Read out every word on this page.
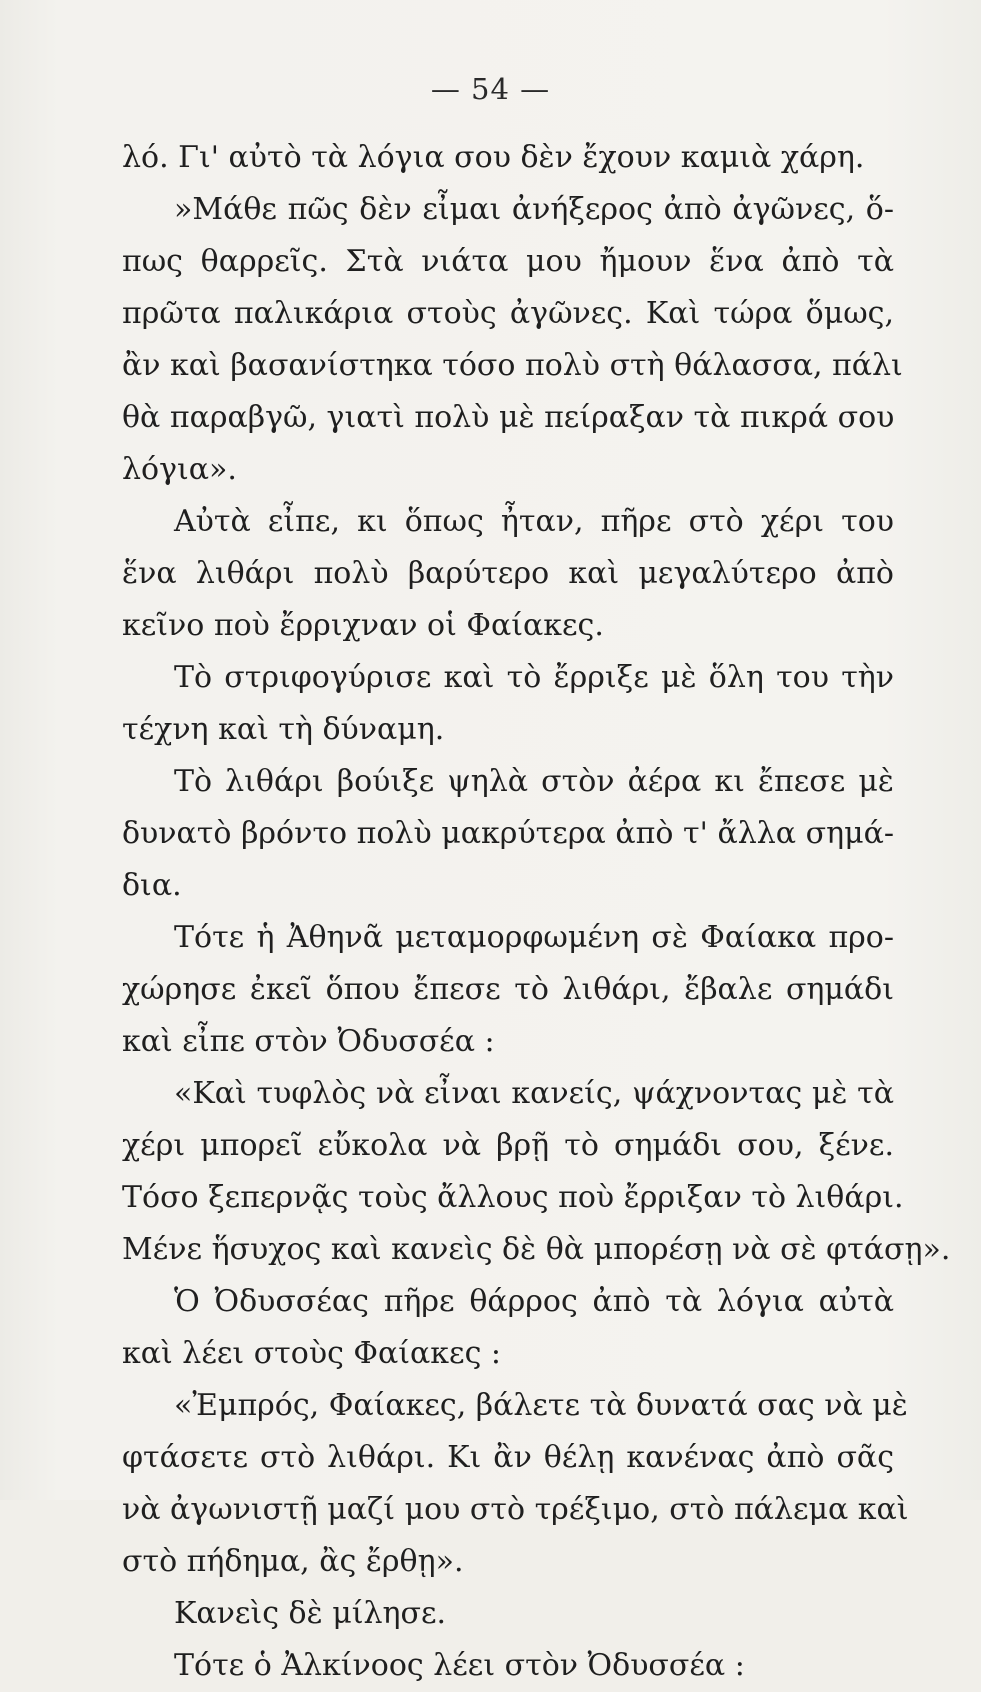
— 54 —
λό. Γι' αὐτὸ τὰ λόγια σου δὲν ἔχουν καμιὰ χάρη.
»Μάθε πῶς δὲν εἶμαι ἀνήξερος ἀπὸ ἀγῶνες, ὅ-
πως θαρρεῖς. Στὰ νιάτα μου ἤμουν ἕνα ἀπὸ τὰ
πρῶτα παλικάρια στοὺς ἀγῶνες. Καὶ τώρα ὅμως,
ἂν καὶ βασανίστηκα τόσο πολὺ στὴ θάλασσα, πάλι
θὰ παραβγῶ, γιατὶ πολὺ μὲ πείραξαν τὰ πικρά σου
λόγια».
Αὐτὰ εἶπε, κι ὅπως ἦταν, πῆρε στὸ χέρι του
ἕνα λιθάρι πολὺ βαρύτερο καὶ μεγαλύτερο ἀπὸ
κεῖνο ποὺ ἔρριχναν οἱ Φαίακες.
Τὸ στριφογύρισε καὶ τὸ ἔρριξε μὲ ὅλη του τὴν
τέχνη καὶ τὴ δύναμη.
Τὸ λιθάρι βούιξε ψηλὰ στὸν ἀέρα κι ἔπεσε μὲ
δυνατὸ βρόντο πολὺ μακρύτερα ἀπὸ τ' ἄλλα σημά-
δια.
Τότε ἡ Ἀθηνᾶ μεταμορφωμένη σὲ Φαίακα προ-
χώρησε ἐκεῖ ὅπου ἔπεσε τὸ λιθάρι, ἔβαλε σημάδι
καὶ εἶπε στὸν Ὀδυσσέα :
«Καὶ τυφλὸς νὰ εἶναι κανείς, ψάχνοντας μὲ τὰ
χέρι μπορεῖ εὔκολα νὰ βρῇ τὸ σημάδι σου, ξένε.
Τόσο ξεπερνᾷς τοὺς ἄλλους ποὺ ἔρριξαν τὸ λιθάρι.
Μένε ἥσυχος καὶ κανεὶς δὲ θὰ μπορέσῃ νὰ σὲ φτάσῃ».
Ὁ Ὀδυσσέας πῆρε θάρρος ἀπὸ τὰ λόγια αὐτὰ
καὶ λέει στοὺς Φαίακες :
«Ἐμπρός, Φαίακες, βάλετε τὰ δυνατά σας νὰ μὲ
φτάσετε στὸ λιθάρι. Κι ἂν θέλῃ κανένας ἀπὸ σᾶς
νὰ ἀγωνιστῇ μαζί μου στὸ τρέξιμο, στὸ πάλεμα καὶ
στὸ πήδημα, ἂς ἔρθῃ».
Κανεὶς δὲ μίλησε.
Τότε ὁ Ἀλκίνοος λέει στὸν Ὀδυσσέα :
